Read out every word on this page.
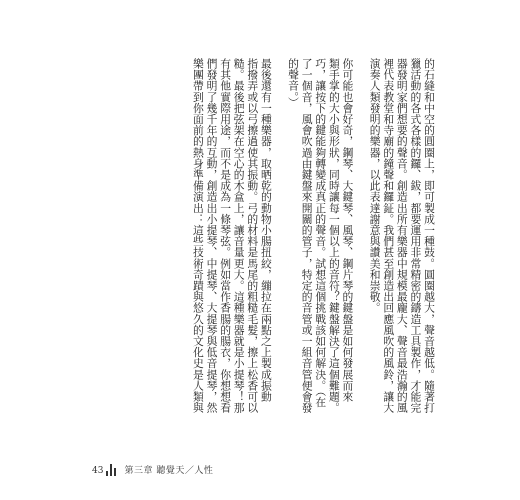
的石縫和中空的圓圈上，即可製成一種鼓。圓圈越大，聲音越低。隨著打

獵活動的各式各樣的鑼、鈸，都要運用非常精密的鑄造工具製作，才能完

器發明家們想要的聲音。創造出所有樂器中規模最龐大、聲音最浩瀚的風

裡代表教堂和寺廟的鐘聲和鑼鉦。我們甚至創造出回應風吹的風鈴，讓大

演奏人類發明的樂器，以此表達謝意與讚美和崇敬。

你可能也會好奇，鋼琴、大鍵琴、風琴、鋼片琴的鍵盤是如何發展而來

類手掌的大小與形狀，同時讓每一個以上的音符？鍵盤解決了這個難題。

巧，讓按下的鍵能夠轉變成真正的聲音。試想這個挑戰該如何解決。（在

了一個音，風會吹過由鍵盤來開關的管子，特定的音管或一組音管便會發

的聲音。）

最後還有一種樂器，取晒乾的動物小腸扭絞，繃拉在兩點之上製成振動

指撥弄或以弓擦過使其振動。弓的材料是馬尾的粗糙毛髮，擦上松香可以

糙。最後把弦架在空心的木盒上，讓音量更大。這種樂器就是小提琴！那

有其他實際用途，而不是成為一條琴弦。例如當作香腸的腸衣，你想想看

們發明了幾千年的互動，創造出小提琴、中提琴、大提琴與低音提琴，然

樂團帶到你面前的熱身準備演出：這些技術奇蹟與悠久的文化史是人類與

43 第三章 聽覺天／人性
